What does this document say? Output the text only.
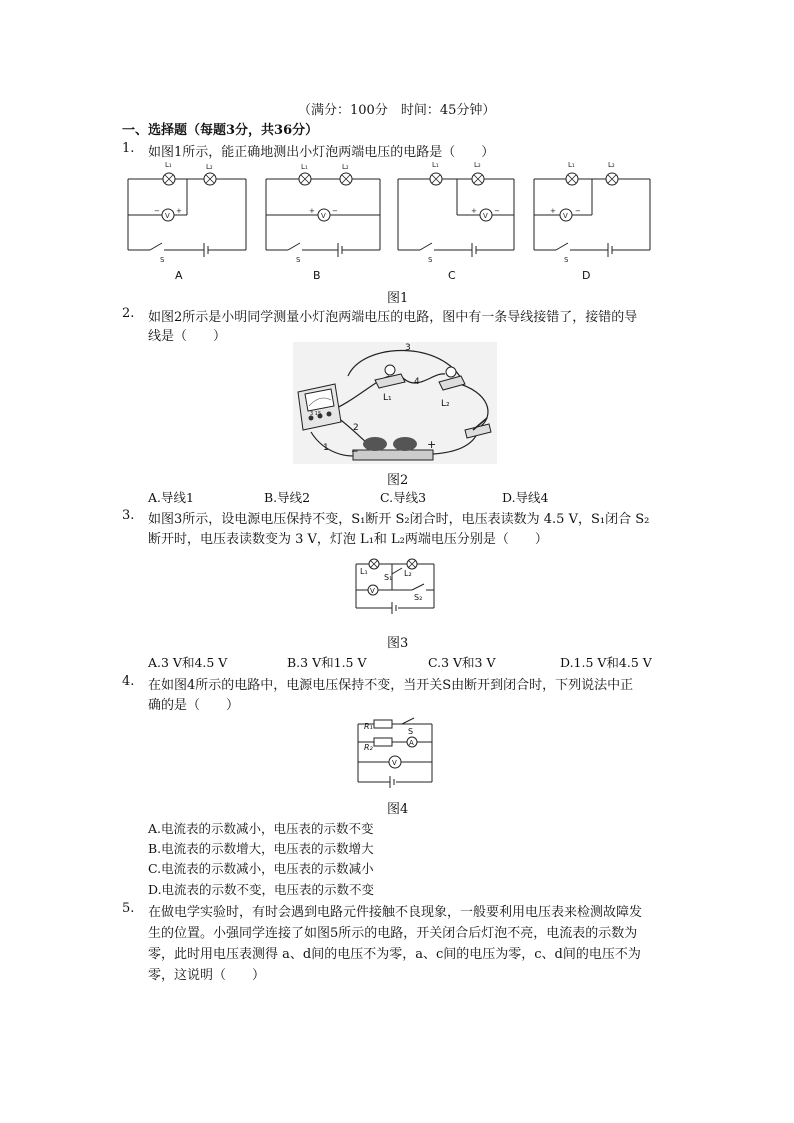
（满分：100分　时间：45分钟）
一、选择题（每题3分，共36分）
1. 如图1所示，能正确地测出小灯泡两端电压的电路是（　　）
L₁	L₂	L₁	L₂	L₁	L₂	L₁	L₂
V	V	V	V
− +	+ −	+ −	+	−
S	S	S	S
A	B	C	D
图1
2. 如图2所示是小明同学测量小灯泡两端电压的电路，图中有一条导线接错了，接错的导
线是（　　）
3 15
1
2
3
4
L₁
L₂
+
−
图2
A.导线1	B.导线2	C.导线3	D.导线4
3. 如图3所示，设电源电压保持不变，S₁断开 S₂闭合时，电压表读数为 4.5 V，S₁闭合 S₂
断开时，电压表读数变为 3 V，灯泡 L₁和 L₂两端电压分别是（　　）
L₁	L₂
S₁
S₂
V
图3
A.3 V和4.5 V	B.3 V和1.5 V	C.3 V和3 V	D.1.5 V和4.5 V
4. 在如图4所示的电路中，电源电压保持不变，当开关S由断开到闭合时，下列说法中正
确的是（　　）
R₁
R₂
S
A
V
图4
A.电流表的示数减小，电压表的示数不变
B.电流表的示数增大，电压表的示数增大
C.电流表的示数减小，电压表的示数减小
D.电流表的示数不变，电压表的示数不变
5. 在做电学实验时，有时会遇到电路元件接触不良现象，一般要利用电压表来检测故障发
生的位置。小强同学连接了如图5所示的电路，开关闭合后灯泡不亮，电流表的示数为
零，此时用电压表测得 a、d间的电压不为零，a、c间的电压为零，c、d间的电压不为
零，这说明（　　）
